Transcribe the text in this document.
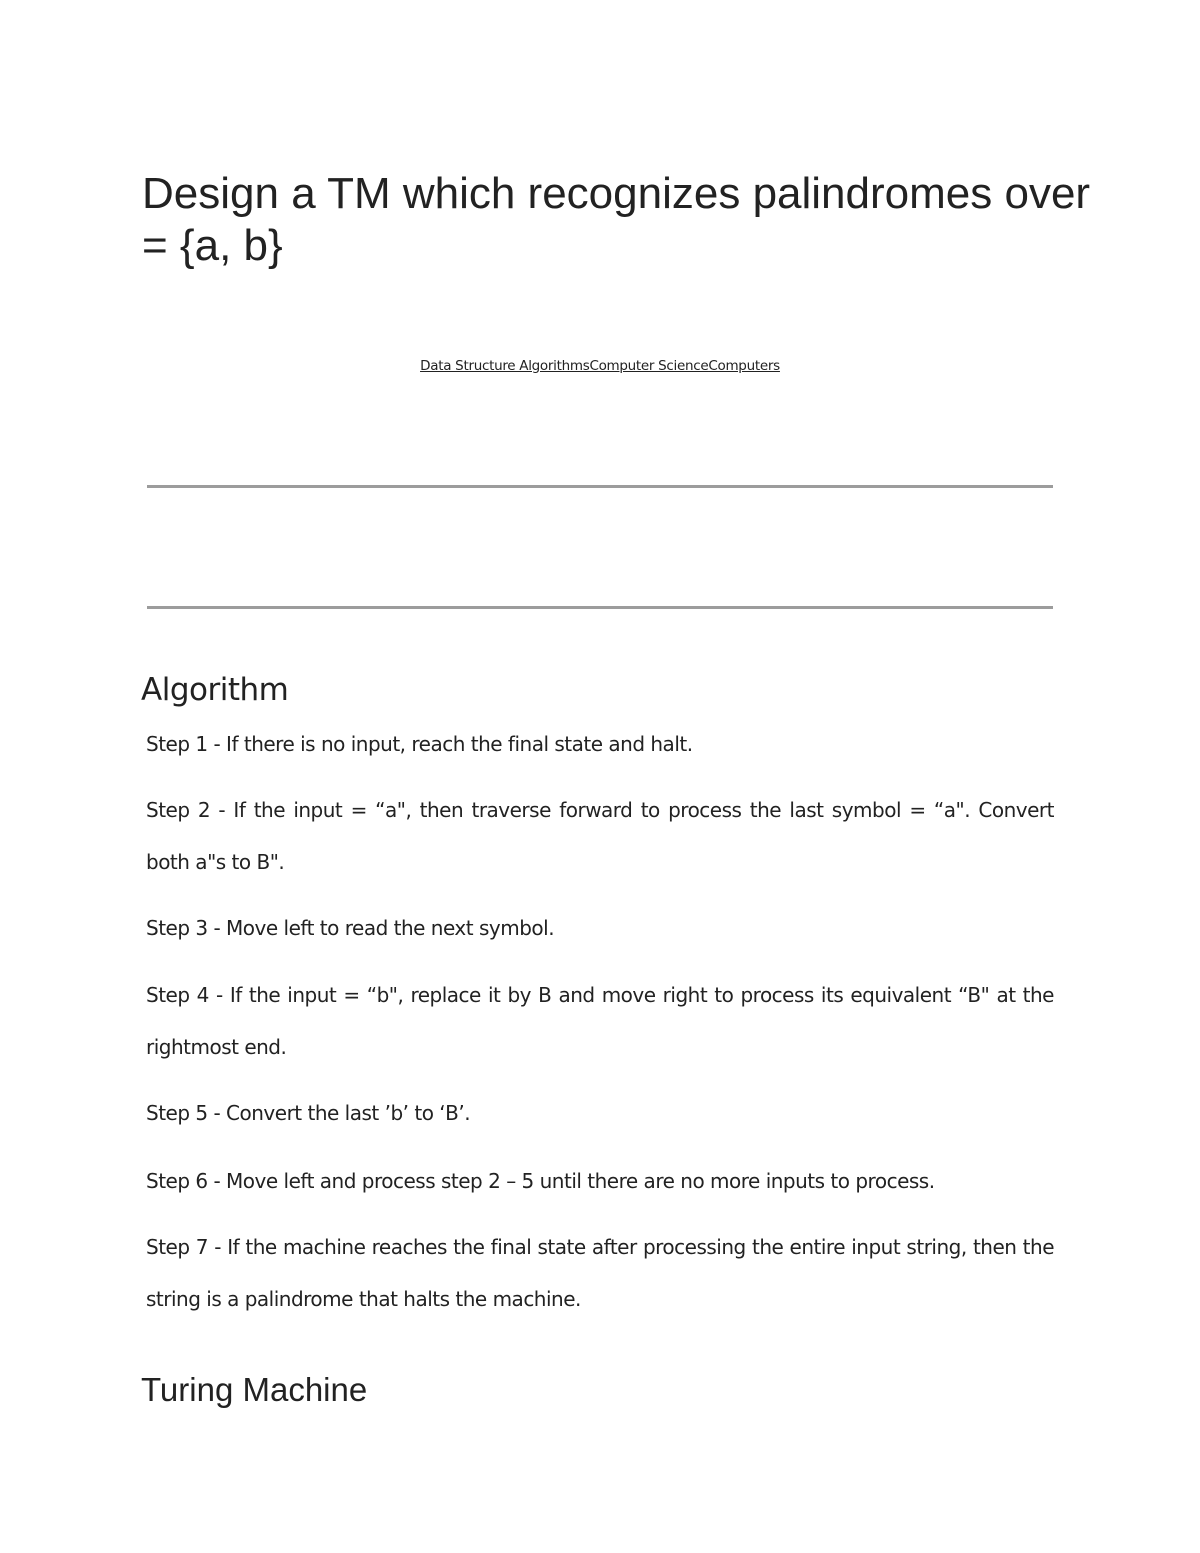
Design a TM which recognizes palindromes over = {a, b}
Data Structure AlgorithmsComputer ScienceComputers
Algorithm

Step 1 - If there is no input, reach the final state and halt.

Step 2 - If the input = “a", then traverse forward to process the last symbol = “a". Convert both a"s to B".

Step 3 - Move left to read the next symbol.

Step 4 - If the input = “b", replace it by B and move right to process its equivalent “B" at the rightmost end.

Step 5 - Convert the last ’b’ to ‘B’.

Step 6 - Move left and process step 2 – 5 until there are no more inputs to process.

Step 7 - If the machine reaches the final state after processing the entire input string, then the string is a palindrome that halts the machine.

Turing Machine
